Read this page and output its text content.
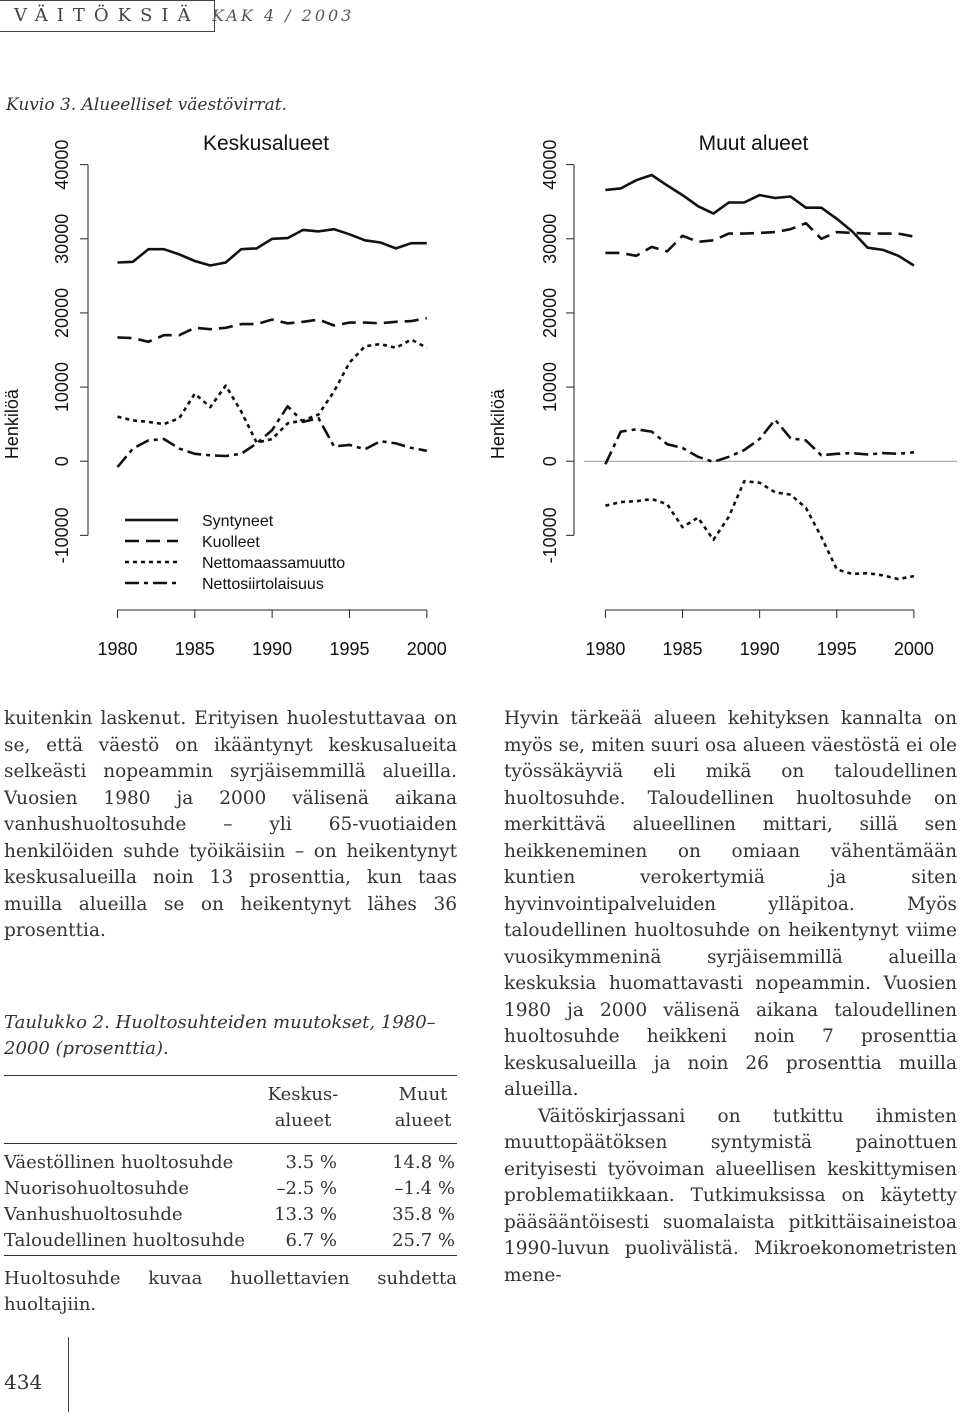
VÄITÖKSIÄ KAK 4 / 2003
Kuvio 3. Alueelliset väestövirrat.
Keskusalueet
-10000
0
10000
20000
30000
40000
Henkilöä
1980 1985 1990 1995 2000
Syntyneet
Kuolleet
Nettomaassamuutto
Nettosiirtolaisuus
Muut alueet
-10000
0
10000
20000
30000
40000
Henkilöä
1980 1985 1990 1995 2000

kuitenkin laskenut. Erityisen huolestuttavaa on se, että väestö on ikääntynyt keskusalueita selkeästi nopeammin syrjäisemmillä alueilla. Vuosien 1980 ja 2000 välisenä aikana vanhushuoltosuhde – yli 65-vuotiaiden henkilöiden suhde työikäisiin – on heikentynyt keskusalueilla noin 13 prosenttia, kun taas muilla alueilla se on heikentynyt lähes 36 prosenttia.

Taulukko 2. Huoltosuhteiden muutokset, 1980–2000 (prosenttia).
Keskus-
alueet
Muut
alueet
Väestöllinen huoltosuhde	3.5 %	14.8 %
Nuorisohuoltosuhde	–2.5 %	–1.4 %
Vanhushuoltosuhde	13.3 %	35.8 %
Taloudellinen huoltosuhde 6.7 %	25.7 %
Huoltosuhde kuvaa huollettavien suhdetta huoltajiin.

Hyvin tärkeää alueen kehityksen kannalta on myös se, miten suuri osa alueen väestöstä ei ole työssäkäyviä eli mikä on taloudellinen huoltosuhde. Taloudellinen huoltosuhde on merkittävä alueellinen mittari, sillä sen heikkeneminen on omiaan vähentämään kuntien verokertymiä ja siten hyvinvointipalveluiden ylläpitoa. Myös taloudellinen huoltosuhde on heikentynyt viime vuosikymmeninä syrjäisemmillä alueilla keskuksia huomattavasti nopeammin. Vuosien 1980 ja 2000 välisenä aikana taloudellinen huoltosuhde heikkeni noin 7 prosenttia keskusalueilla ja noin 26 prosenttia muilla alueilla.

Väitöskirjassani on tutkittu ihmisten muuttopäätöksen syntymistä painottuen erityisesti työvoiman alueellisen keskittymisen problematiikkaan. Tutkimuksissa on käytetty pääsääntöisesti suomalaista pitkittäisaineistoa 1990-luvun puolivälistä. Mikroekonometristen mene-

434
